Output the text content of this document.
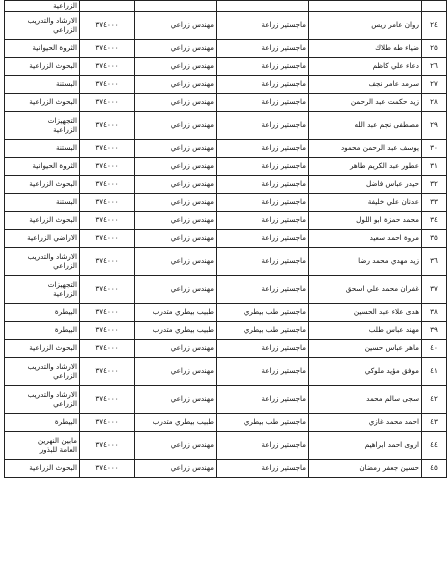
					الزراعية
٢٤	روان عامر ريس	ماجستير زراعة	مهندس زراعي	٣٧٤٠٠٠	الارشاد والتدريب
الزراعي

٢٥	ضياء طه طلاك	ماجستير زراعة	مهندس زراعي	٣٧٤٠٠٠	الثروة الحيوانية

٢٦	دعاء علي كاظم	ماجستير زراعة	مهندس زراعي	٣٧٤٠٠٠	البحوث الزراعية

٢٧	سرمد عامر نجف	ماجستير زراعة	مهندس زراعي	٣٧٤٠٠٠	البستنة

٢٨	زيد حكمت عبد الرحمن	ماجستير زراعة	مهندس زراعي	٣٧٤٠٠٠	البحوث الزراعية

٢٩	مصطفى نجم عبد الله	ماجستير زراعة	مهندس زراعي	٣٧٤٠٠٠	التجهيزات
الزراعية

٣٠	يوسف عبد الرحمن محمود	ماجستير زراعة	مهندس زراعي	٣٧٤٠٠٠	البستنة

٣١	عطور عبد الكريم طاهر	ماجستير زراعة	مهندس زراعي	٣٧٤٠٠٠	الثروة الحيوانية

٣٢	حيدر عباس فاضل	ماجستير زراعة	مهندس زراعي	٣٧٤٠٠٠	البحوث الزراعية

٣٣	عدنان علي خليفة	ماجستير زراعة	مهندس زراعي	٣٧٤٠٠٠	البستنة

٣٤	محمد حمزة ابو اللول	ماجستير زراعة	مهندس زراعي	٣٧٤٠٠٠	البحوث الزراعية

٣٥	مروة احمد سعيد	ماجستير زراعة	مهندس زراعي	٣٧٤٠٠٠	الاراضي الزراعية

٣٦	زيد مهدي محمد رضا	ماجستير زراعة	مهندس زراعي	٣٧٤٠٠٠	الارشاد والتدريب
الزراعي

٣٧	غفران محمد علي اسحق	ماجستير زراعة	مهندس زراعي	٣٧٤٠٠٠	التجهيزات
الزراعية

٣٨	هدى علاء عبد الحسين	ماجستير طب بيطري	طبيب بيطري متدرب	٣٧٤٠٠٠	البيطرة

٣٩	مهند عباس طلب	ماجستير طب بيطري	طبيب بيطري متدرب	٣٧٤٠٠٠	البيطرة

٤٠	ماهر عباس حسين	ماجستير زراعة	مهندس زراعي	٣٧٤٠٠٠	البحوث الزراعية

٤١	موفق مؤيد ملوكي	ماجستير زراعة	مهندس زراعي	٣٧٤٠٠٠	الارشاد والتدريب
الزراعي

٤٢	سجى سالم محمد	ماجستير زراعة	مهندس زراعي	٣٧٤٠٠٠	الارشاد والتدريب
الزراعي

٤٣	احمد محمد غازي	ماجستير طب بيطري	طبيب بيطري متدرب	٣٧٤٠٠٠	البيطرة

٤٤	اروى احمد ابراهيم	ماجستير زراعة	مهندس زراعي	٣٧٤٠٠٠	مابين النهرين
العامة للبذور

٤٥	حسين جعفر رمضان	ماجستير زراعة	مهندس زراعي	٣٧٤٠٠٠	البحوث الزراعية
